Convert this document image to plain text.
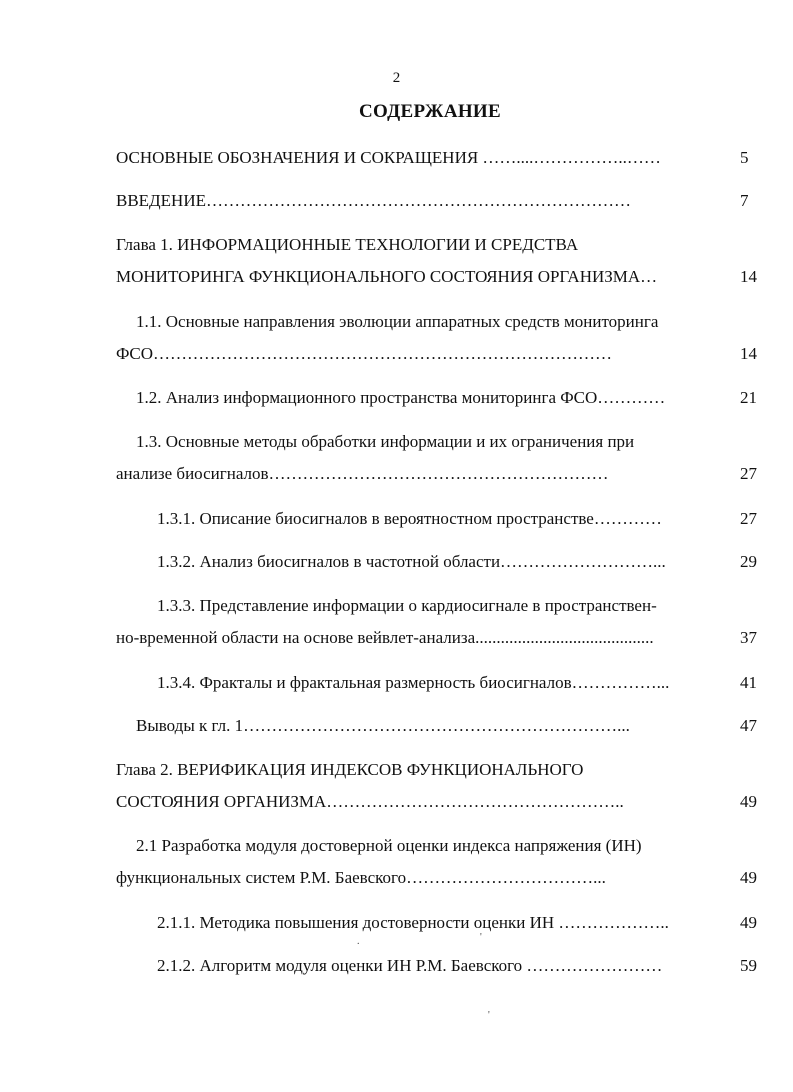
2
СОДЕРЖАНИЕ
ОСНОВНЫЕ ОБОЗНАЧЕНИЯ И СОКРАЩЕНИЯ ……....……………..……	5
ВВЕДЕНИЕ…………………………………………………………………	7
Глава 1. ИНФОРМАЦИОННЫЕ ТЕХНОЛОГИИ И СРЕДСТВА
МОНИТОРИНГА ФУНКЦИОНАЛЬНОГО СОСТОЯНИЯ ОРГАНИЗМА…	14
1.1. Основные направления эволюции аппаратных средств мониторинга
ФСО………………………………………………………………………	14
1.2. Анализ информационного пространства мониторинга ФСО…………	21
1.3. Основные методы обработки информации и их ограничения при
анализе биосигналов……………………………………………………	27
1.3.1. Описание биосигналов в вероятностном пространстве…………	27
1.3.2. Анализ биосигналов в частотной области………………………...	29
1.3.3. Представление информации о кардиосигнале в пространствен-
но-временной области на основе вейвлет-анализа..........................................	37
1.3.4. Фракталы и фрактальная размерность биосигналов……………...	41
Выводы к гл. 1…………………………………………………………...	47
Глава 2. ВЕРИФИКАЦИЯ ИНДЕКСОВ ФУНКЦИОНАЛЬНОГО
СОСТОЯНИЯ ОРГАНИЗМА……………………………………………..	49
2.1 Разработка модуля достоверной оценки индекса напряжения (ИН)
функциональных систем Р.М. Баевского……………………………...	49
2.1.1. Методика повышения достоверности оценки ИН ………………..	49
2.1.2. Алгоритм модуля оценки ИН Р.М. Баевского ……………………	59
.	'
'
